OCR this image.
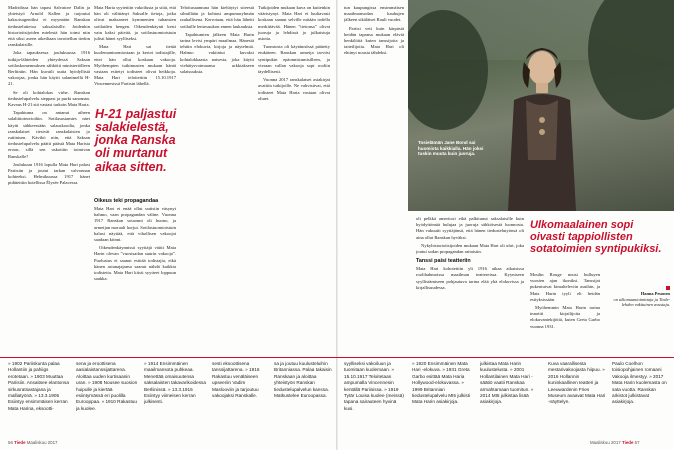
Madridissa hän tapasi Salvatore Dalín ja yhteistyö Arnold Kallen ja tarjoutui kaksoisagentiksi ei myymään Ranskan tiedustelutietoa saksalaisille. Joidenkin historioitsijoiden mielestä hän toimi niin että siksi aseen aikeiltaan tavoitellun tiedon ranskalaisille.

Joka tapauksessa joulukuussa 1916 tutkija-lähteiden yhteydessä Saksan sotilaskomennuksen sähkötti ministeriölleen Berliiniin. Hän kuvaili uutta hyödyllistä vakoojaa, jonka hän käytti salanimellä H-21.

Se oli kohtalokas virhe. Ranskan tiedustelupalvelu sieppasi ja purki sanoman. Kavaus H-21:stä vastasi tarkoin Mata Haria.

Tapahtuma on antanut aiheen salaliittoteorioihin. Sotilasasiamies näet käytti sähkeessään salauskoodia, jonka ranskalaiset tiesivät ranskalaisten jo rutiinisen. Kävikö niin, että Saksan tiedustelupalvelu päätti päästä Mata Harista eroon, sillä sen uskottiin toimivan Ranskalle?

Joulukuun 1916 lopulla Mata Hari palasi Pariisiin ja joutui tarkan valvonnan kohteeksi. Helmikuussa 1917 hänet pidätettiin hotellissa Élysée Palacessa.

Mata Haria syytettiin vakoilusta ja siitä, että hän oli välittänyt Saksalle tietoja, jotka olivat maksaneet kymmenien tuhansien sotilaiden hengen. Oikeudenkäynti kesti vain kaksi päivää, ja sotilastuomioistuin julisti hänet syylliseksi.

Mata Hari sai tietää kuolemantuomiostaan ja kertoi todistajille, ettei hän ollut koskaan vakooja. Myöhempien tutkimusten mukaan häntä vastaan esitetyt todisteet olivat heikkoja. Mata Hari teloitettiin 15.10.1917 Vincennesissä Pariisin lähellä.

H-21 paljastui salakielestä, jonka Ranska oli murtanut aikaa sitten.
Oikeus teki propagandaa

Mata Hari ei enää ollut uutisiin väsynyt hahmo, vaan propagandan väline. Vuonna 1917 Ranskan sotaonni oli huono, ja armeijan moraali horjui. Sotilastuomioistuin halusi näyttää, että vihollisen vakoojat saadaan kiinni.

Oikeudenkäynnissä syyttäjä väitti Mata Harin olevan ”vuosisadan suurin vakooja”. Puolustus ei saanut esittää todistajia, eikä hänen asianajajansa saanut nähdä kaikkia todisteita. Mata Hari kiisti syytteet loppuun saakka.

Teloitusaamuna hän kieltäytyi siteestä silmillään ja kohtasi ampumaryhmän rauhallisena. Kerrotaan, että hän lähetti sotilaille lentosuukon ennen laukauksia.

Tapahtumien jälkeen Mata Harin tarina levisi ympäri maailmaa. Hänestä tehtiin elokuvia, kirjoja ja näytelmiä. Hahmo vakiintui kuvaksi kohtalokkaasta naisesta, joka käytti viehätysvoimaansa urkkiakseen salaisuuksia.

Tutkijoiden mukaan kuva on kuitenkin vääristynyt. Mata Hari ei luultavasti koskaan saanut selville mitään todella merkittävää. Hänen ”tietonsa” olivat juoruja ja lehdissä jo julkaistuja asioita.

Tuomiosta oli käytännössä päätetty etukäteen. Ranskan armeija tarvitsi syntipukin epäonnistumisilleen, ja vieraan vallan vakooja sopi rooliin täydellisesti.

Vuonna 2017 ranskalaiset asiakirjat avattiin tutkijoille. Ne vahvistivat, että todisteet Mata Haria vastaan olivat ohuet.

tun kaupungissa ensimmäisen maailmansodan kauhujen jälkeen sikäläiset Rauli vuodet.

Pariisi veti kuin kärpäsiä heidän tapansa mukaan eläviä henkilöitä kuten tanssijoita ja taiteilijoita. Mata Hari oli ehtinyt nousta tähdeksi.

Tosielämän Jane Bond sai huomiota kaikkialla. Hän joksi tuskin muuta kuin juoruja.

oli pelkkä ameritori eikä palkitunut saksalaisille kuin hyödyttömää hulujaa ja juoruja sähköisestä luonnosta. Hän vakuutti syyttäjänsä, että hänen tiedustelutyönsä oli aina ollut Ranskan hyväksi.

Nykyhistorioitsijoiden mukaan Mata Hari oli uhri, joka joutui sodan propagandan rattaisiin.

Tanssi paisi teatteriin

Mata Hari kohotettiin yli 1916 aikaa aikaisissa roolihahmoissa maailman teattereissa. Kyyniseen syyllistämiseen pohjautuva tarina elää yhä elokuvissa ja kirjallisuudessa.

Ulkomaalainen sopi oivasti tappiollisten sotatoimien syntipukiksi.

Moulin Rouge nousi hulluyen vuosien ajan ikoniksi. Tanssijat pukeutuivat kimalteleviin asuihin, ja Mata Harin tyyli eli heidän esityksissään.

Myöhemmin Mata Harin tarina innoitti kirjailijoita ja elokuvantekijöitä, kuten Greta Garbo vuonna 1931.

Hanna Pesonen
on ulkomaantoimittaja ja Tiede-lehden vakituinen avustaja.
» 1902 Pariiskunta palaa Hollantiin ja pahiigs erotetaan. » 1903 Muuttaa Pariisiin. Ansaitsee elantonsa sirkusratsastajana ja malliatyönä. » 13.3.1905 Esiintyy ensimmäisen kerran Mata Harina, eksootti-
sena ja eroottisena aasialaistanssijattarena. Aloittaa uuden kurtisaanin uran. » 1908 Nousee suosion huipulle ja kiertää esiintymässä eri puolilla Eurooppaa. » 1910 Rakastuu ja kuolee.
» 1914 Ensimmäinen maailmansota puhkeaa. Menettää omaisuutensa saksalaisten takavarikoidessa Berliinissä. » 13.3.1915 Esiintyy viimeisen kerran julkisesti.
sesti eksoottisena tanssijattarena. » 1916 Rakastuu venäläiseen upseeriin Vadim Maslooviin ja tarjoutuu vakoojaksi Ranskalle.
sa ja joutuu kuulusteluihin Britanniassa. Palaa takaisin Ranskaan ja aloittaa yhteistyön Ranskan tiedustelupalvelun kanssa. Matkustelee Euroopassa.
syylliseksi vakoiluun ja tuomitaan kuolemaan. » 15.10.1917 Teloitetaan ampumalla Vincennesin kentällä Pariisissa. » 1919 Tytär Louisa kuolee (meissä) tapana sairauteen hyvinä kusi.
» 1920 Ensimmäinen Mata Hari -elokuva. » 1931 Greta Garbo esittää Mata Haria Hollywood-elokuvassa. » 1999 Britannian tiedustelupalvelu MI5 julkisti Mata Harin asiakirjoja.
julkistaa Mata Harin kuulustelusta. » 2001 Hollantilainen Mata Hari -säätiö vaatii Ranskaa armahtamaan tuomitun. » 2014 MI5 julkistaa lisää asiakirjoja.
Kuva vaarallisesta mestarivakoojasta hiipuu. » 2016 Hollannin kuninkaallinen teatteri ja Leeuwardenin Fries Museum avaavat Mata Hari -näyttelyn.
Paulo Coelhon toisiopohjainen romaani Vakooja ilmestyy. » 2017 Mata Harin kuolemasta on sata vuotta. Ranskan arkistot julkistavat asiakirjoja.
56 Tiede Maaliskuu 2017	Maaliskuu 2017 Tiede 57
